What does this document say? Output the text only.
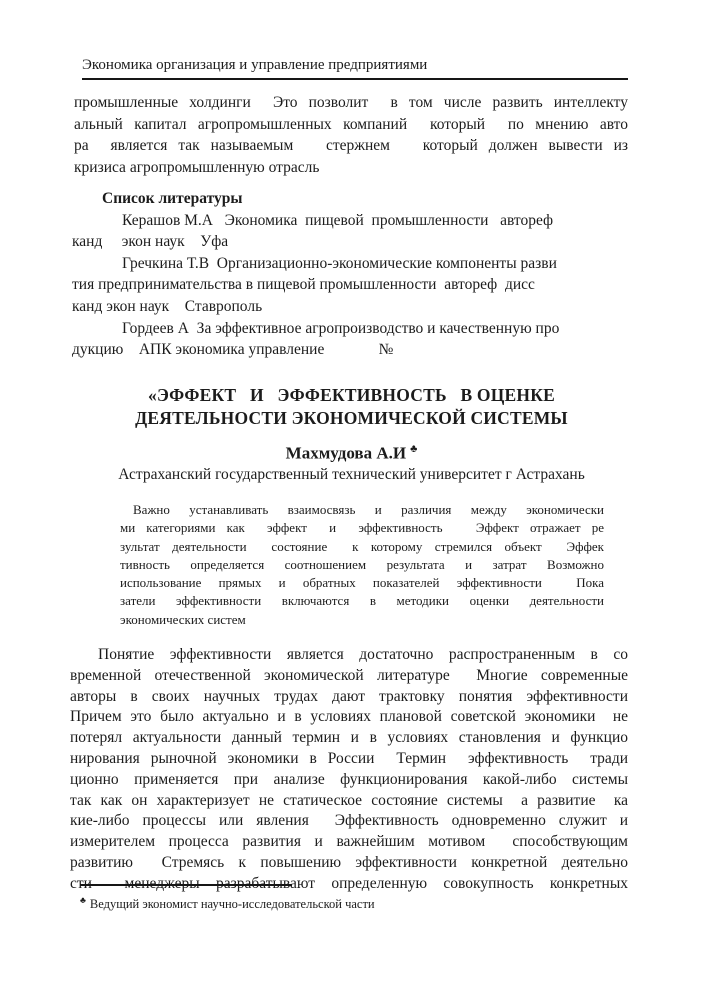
Экономика организация и управление предприятиями
промышленные холдинги  Это позволит  в том числе развить интеллекту
альный капитал агропромышленных компаний  который  по мнению авто
ра  является так называемым   стержнем   который должен вывести из
кризиса агропромышленную отрасль
Список литературы
Керашов М.А   Экономика  пищевой  промышленности   автореф
канд     экон наук    Уфа
Гречкина Т.В  Организационно-экономические компоненты разви
тия предпринимательства в пищевой промышленности  автореф  дисс
канд экон наук    Ставрополь
Гордеев А  За эффективное агропроизводство и качественную про
дукцию    АПК экономика управление              №
«ЭФФЕКТ   И   ЭФФЕКТИВНОСТЬ   В ОЦЕНКЕ
ДЕЯТЕЛЬНОСТИ ЭКОНОМИЧЕСКОЙ СИСТЕМЫ
Махмудова А.И ♣
Астраханский государственный технический университет г Астрахань
Важно устанавливать взаимосвязь и различия между экономически
ми категориями как  эффект  и  эффективность   Эффект отражает ре
зультат деятельности  состояние  к которому стремился объект  Эффек
тивность  определяется  соотношением  результата  и  затрат  Возможно
использование прямых и обратных показателей эффективности  Пока
затели  эффективности  включаются  в  методики  оценки  деятельности
экономических систем
Понятие эффективности является достаточно распространенным в со
временной отечественной экономической литературе  Многие современные
авторы в своих научных трудах дают трактовку понятия эффективности
Причем это было актуально и в условиях плановой советской экономики  не
потерял актуальности данный термин и в условиях становления и функцио
нирования рыночной экономики в России  Термин  эффективность  тради
ционно применяется при анализе функционирования какой-либо системы
так как он характеризует не статическое состояние системы  а развитие  ка
кие-либо процессы или явления  Эффективность одновременно служит и
измерителем процесса развития и важнейшим мотивом  способствующим
развитию  Стремясь к повышению эффективности конкретной деятельно
сти  менеджеры разрабатывают определенную совокупность конкретных
♣ Ведущий экономист научно-исследовательской части
